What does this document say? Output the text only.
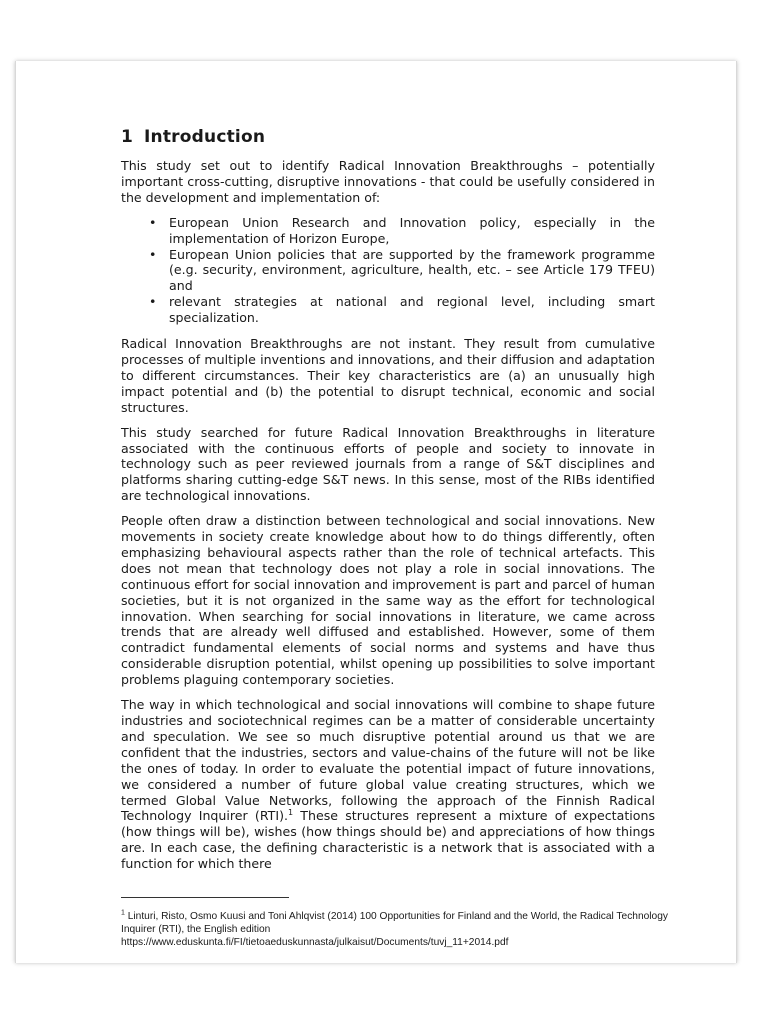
1 Introduction

This study set out to identify Radical Innovation Breakthroughs – potentially important cross-cutting, disruptive innovations - that could be usefully considered in the development and implementation of:

• European Union Research and Innovation policy, especially in the implementation of Horizon Europe,
• European Union policies that are supported by the framework programme (e.g. security, environment, agriculture, health, etc. – see Article 179 TFEU) and
• relevant strategies at national and regional level, including smart specialization.

Radical Innovation Breakthroughs are not instant. They result from cumulative processes of multiple inventions and innovations, and their diffusion and adaptation to different circumstances. Their key characteristics are (a) an unusually high impact potential and (b) the potential to disrupt technical, economic and social structures.

This study searched for future Radical Innovation Breakthroughs in literature associated with the continuous efforts of people and society to innovate in technology such as peer reviewed journals from a range of S&T disciplines and platforms sharing cutting-edge S&T news. In this sense, most of the RIBs identified are technological innovations.

People often draw a distinction between technological and social innovations. New movements in society create knowledge about how to do things differently, often emphasizing behavioural aspects rather than the role of technical artefacts. This does not mean that technology does not play a role in social innovations. The continuous effort for social innovation and improvement is part and parcel of human societies, but it is not organized in the same way as the effort for technological innovation. When searching for social innovations in literature, we came across trends that are already well diffused and established. However, some of them contradict fundamental elements of social norms and systems and have thus considerable disruption potential, whilst opening up possibilities to solve important problems plaguing contemporary societies.

The way in which technological and social innovations will combine to shape future industries and sociotechnical regimes can be a matter of considerable uncertainty and speculation. We see so much disruptive potential around us that we are confident that the industries, sectors and value-chains of the future will not be like the ones of today. In order to evaluate the potential impact of future innovations, we considered a number of future global value creating structures, which we termed Global Value Networks, following the approach of the Finnish Radical Technology Inquirer (RTI).$^1$ These structures represent a mixture of expectations (how things will be), wishes (how things should be) and appreciations of how things are. In each case, the defining characteristic is a network that is associated with a function for which there

$^1$ Linturi, Risto, Osmo Kuusi and Toni Ahlqvist (2014) 100 Opportunities for Finland and the World, the Radical Technology Inquirer (RTI), the English edition
https://www.eduskunta.fi/FI/tietoaeduskunnasta/julkaisut/Documents/tuvj_11+2014.pdf
